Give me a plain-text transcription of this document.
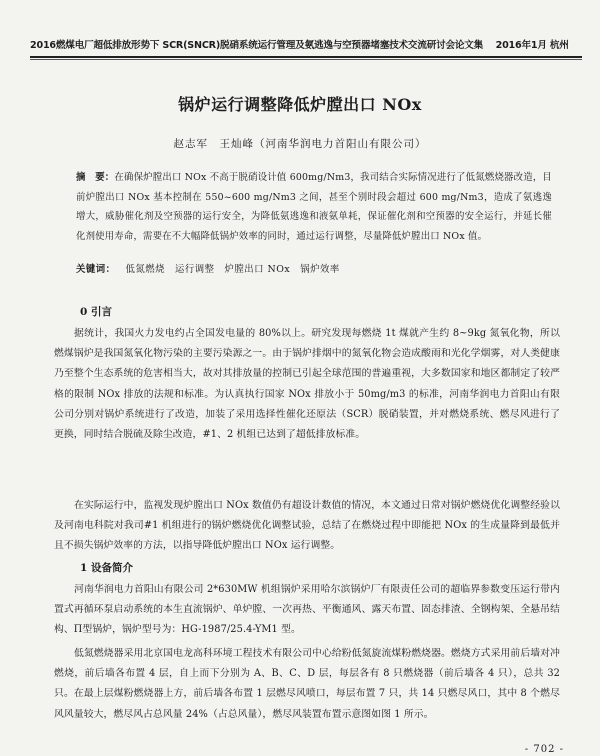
2016燃煤电厂超低排放形势下 SCR(SNCR)脱硝系统运行管理及氨逃逸与空预器堵塞技术交流研讨会论文集　 2016年1月 杭州
锅炉运行调整降低炉膛出口 NOx
赵志军　王灿峰（河南华润电力首阳山有限公司）
摘　要：在确保炉膛出口 NOx 不高于脱硝设计值 600mg/Nm3，我司结合实际情况进行了低氮燃烧器改造，目前炉膛出口 NOx 基本控制在 550~600 mg/Nm3 之间，甚至个别时段会超过 600 mg/Nm3，造成了氨逃逸增大，威胁催化剂及空预器的运行安全，为降低氨逃逸和液氨单耗，保证催化剂和空预器的安全运行，并延长催化剂使用寿命，需要在不大幅降低锅炉效率的同时，通过运行调整，尽量降低炉膛出口 NOx 值。
关键词： 低氮燃烧 运行调整 炉膛出口 NOx 锅炉效率
0 引言

据统计，我国火力发电约占全国发电量的 80%以上。研究发现每燃烧 1t 煤就产生约 8~9kg 氮氧化物，所以燃煤锅炉是我国氮氧化物污染的主要污染源之一。由于锅炉排烟中的氮氧化物会造成酸雨和光化学烟雾，对人类健康乃至整个生态系统的危害相当大，故对其排放量的控制已引起全球范围的普遍重视，大多数国家和地区都制定了较严格的限制 NOx 排放的法规和标准。为认真执行国家 NOx 排放小于 50mg/m3 的标准，河南华润电力首阳山有限公司分别对锅炉系统进行了改造，加装了采用选择性催化还原法（SCR）脱硝装置，并对燃烧系统、燃尽风进行了更换，同时结合脱硫及除尘改造，#1、2 机组已达到了超低排放标准。

在实际运行中，监视发现炉膛出口 NOx 数值仍有超设计数值的情况，本文通过日常对锅炉燃烧优化调整经验以及河南电科院对我司#1 机组进行的锅炉燃烧优化调整试验，总结了在燃烧过程中即能把 NOx 的生成量降到最低并且不损失锅炉效率的方法，以指导降低炉膛出口 NOx 运行调整。

1 设备简介

河南华润电力首阳山有限公司 2*630MW 机组锅炉采用哈尔滨锅炉厂有限责任公司的超临界参数变压运行带内置式再循环泵启动系统的本生直流锅炉、单炉膛、一次再热、平衡通风、露天布置、固态排渣、全钢构架、全悬吊结构、П型锅炉，锅炉型号为：HG-1987/25.4-YM1 型。

低氮燃烧器采用北京国电龙高科环境工程技术有限公司中心给粉低氮旋流煤粉燃烧器。燃烧方式采用前后墙对冲燃烧，前后墙各布置 4 层，自上而下分别为 A、B、C、D 层，每层各有 8 只燃烧器（前后墙各 4 只），总共 32 只。在最上层煤粉燃烧器上方，前后墙各布置 1 层燃尽风喷口，每层布置 7 只，共 14 只燃尽风口，其中 8 个燃尽风风量较大，燃尽风占总风量 24%（占总风量），燃尽风装置布置示意图如图 1 所示。

- 702 -
